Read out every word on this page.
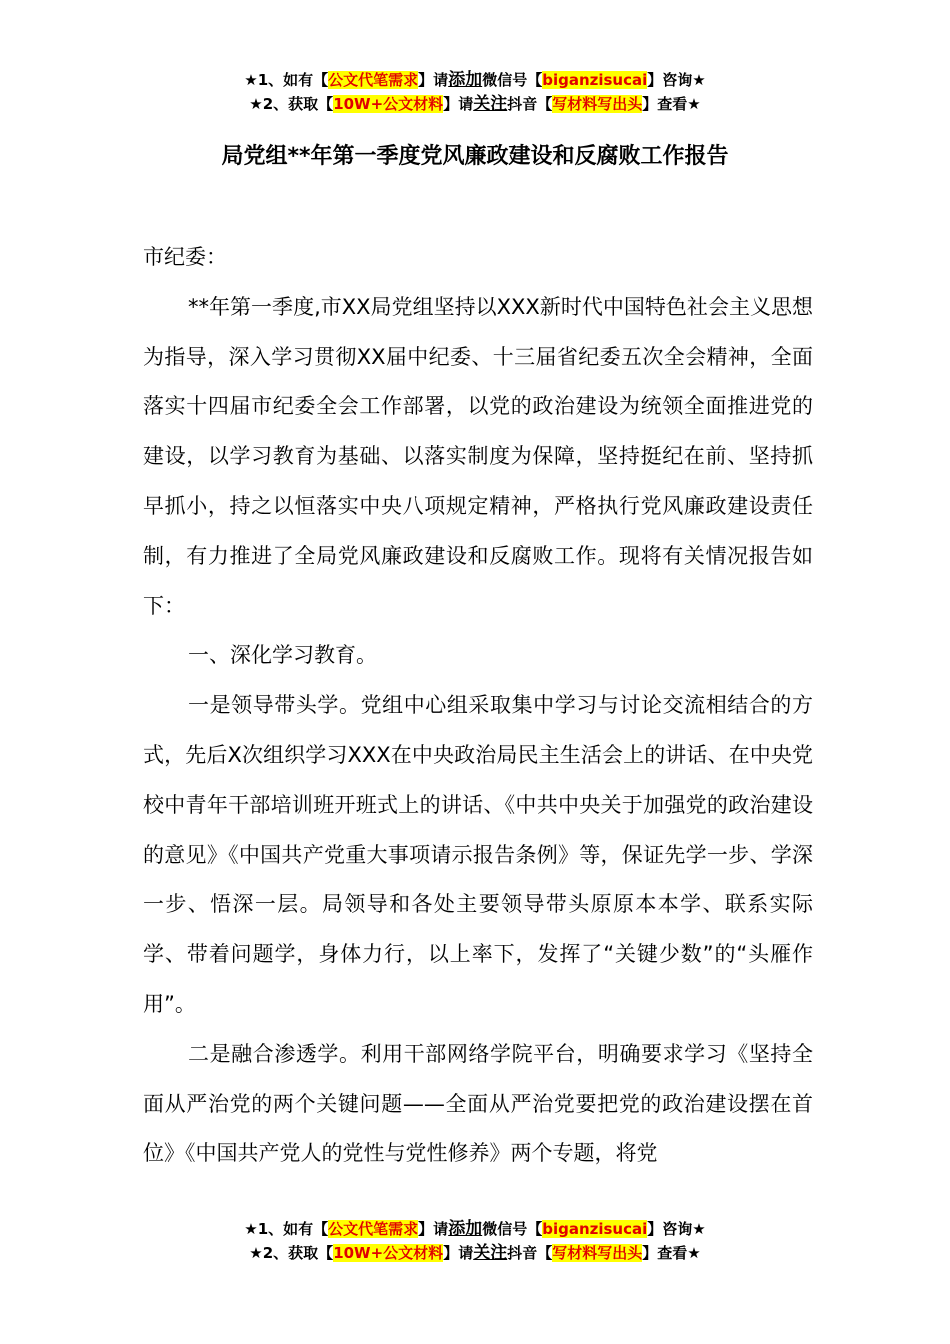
★1、如有【公文代笔需求】请添加微信号【biganzisucai】咨询★
★2、获取【10W+公文材料】请关注抖音【写材料写出头】查看★
局党组**年第一季度党风廉政建设和反腐败工作报告

市纪委：

**年第一季度,市XX局党组坚持以XXX新时代中国特色社会主义思想为指导，深入学习贯彻XX届中纪委、十三届省纪委五次全会精神，全面落实十四届市纪委全会工作部署，以党的政治建设为统领全面推进党的建设，以学习教育为基础、以落实制度为保障，坚持挺纪在前、坚持抓早抓小，持之以恒落实中央八项规定精神，严格执行党风廉政建设责任制，有力推进了全局党风廉政建设和反腐败工作。现将有关情况报告如下：

一、深化学习教育。

一是领导带头学。党组中心组采取集中学习与讨论交流相结合的方式，先后X次组织学习XXX在中央政治局民主生活会上的讲话、在中央党校中青年干部培训班开班式上的讲话、《中共中央关于加强党的政治建设的意见》《中国共产党重大事项请示报告条例》等，保证先学一步、学深一步、悟深一层。局领导和各处主要领导带头原原本本学、联系实际学、带着问题学，身体力行，以上率下，发挥了“关键少数”的“头雁作用”。

二是融合渗透学。利用干部网络学院平台，明确要求学习《坚持全面从严治党的两个关键问题——全面从严治党要把党的政治建设摆在首位》《中国共产党人的党性与党性修养》两个专题，将党

★1、如有【公文代笔需求】请添加微信号【biganzisucai】咨询★
★2、获取【10W+公文材料】请关注抖音【写材料写出头】查看★
